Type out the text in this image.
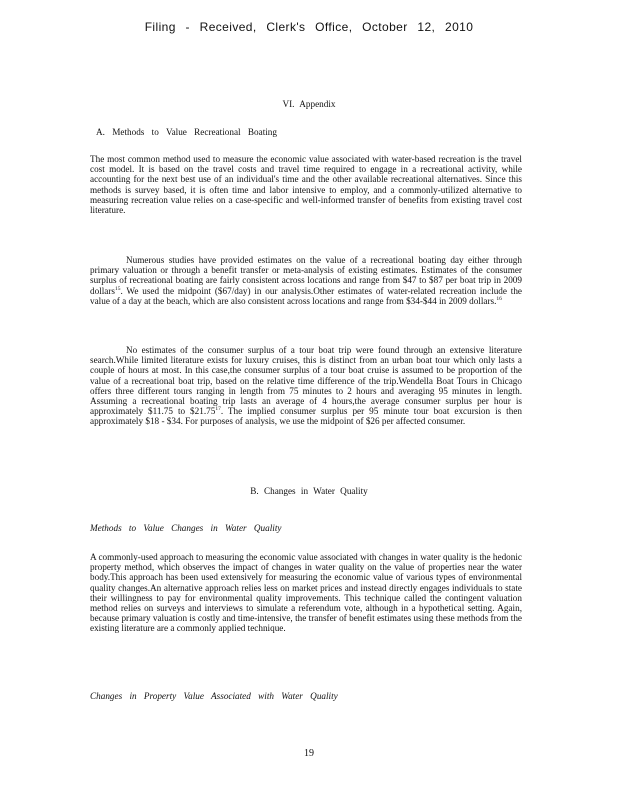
Filing - Received, Clerk's Office, October 12, 2010
VI. Appendix
A. Methods to Value Recreational Boating

The most common method used to measure the economic value associated with water-based recreation is the travel cost model. It is based on the travel costs and travel time required to engage in a recreational activity, while accounting for the next best use of an individual's time and the other available recreational alternatives. Since this methods is survey based, it is often time and labor intensive to employ, and a commonly-utilized alternative to measuring recreation value relies on a case-specific and well-informed transfer of benefits from existing travel cost literature.

Numerous studies have provided estimates on the value of a recreational boating day either through primary valuation or through a benefit transfer or meta-analysis of existing estimates. Estimates of the consumer surplus of recreational boating are fairly consistent across locations and range from $47 to $87 per boat trip in 2009 dollars$^{15}$. We used the midpoint ($67/day) in our analysis.Other estimates of water-related recreation include the value of a day at the beach, which are also consistent across locations and range from $34-$44 in 2009 dollars.$^{16}$

No estimates of the consumer surplus of a tour boat trip were found through an extensive literature search.While limited literature exists for luxury cruises, this is distinct from an urban boat tour which only lasts a couple of hours at most. In this case,the consumer surplus of a tour boat cruise is assumed to be proportion of the value of a recreational boat trip, based on the relative time difference of the trip.Wendella Boat Tours in Chicago offers three different tours ranging in length from 75 minutes to 2 hours and averaging 95 minutes in length. Assuming a recreational boating trip lasts an average of 4 hours,the average consumer surplus per hour is approximately $11.75 to $21.75$^{17}$. The implied consumer surplus per 95 minute tour boat excursion is then approximately $18 - $34. For purposes of analysis, we use the midpoint of $26 per affected consumer.

B. Changes in Water Quality
Methods to Value Changes in Water Quality

A commonly-used approach to measuring the economic value associated with changes in water quality is the hedonic property method, which observes the impact of changes in water quality on the value of properties near the water body.This approach has been used extensively for measuring the economic value of various types of environmental quality changes.An alternative approach relies less on market prices and instead directly engages individuals to state their willingness to pay for environmental quality improvements. This technique called the contingent valuation method relies on surveys and interviews to simulate a referendum vote, although in a hypothetical setting. Again, because primary valuation is costly and time-intensive, the transfer of benefit estimates using these methods from the existing literature are a commonly applied technique.

Changes in Property Value Associated with Water Quality
19
